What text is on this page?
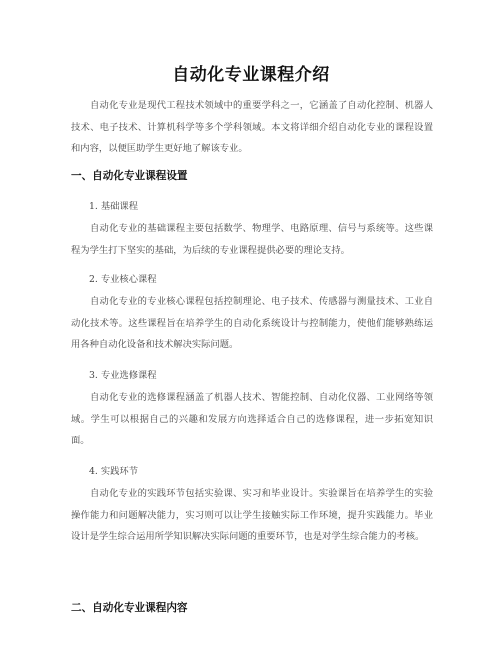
自动化专业课程介绍

自动化专业是现代工程技术领域中的重要学科之一，它涵盖了自动化控制、机器人技术、电子技术、计算机科学等多个学科领域。本文将详细介绍自动化专业的课程设置和内容，以便匡助学生更好地了解该专业。

一、自动化专业课程设置
1. 基础课程

自动化专业的基础课程主要包括数学、物理学、电路原理、信号与系统等。这些课程为学生打下坚实的基础，为后续的专业课程提供必要的理论支持。

2. 专业核心课程

自动化专业的专业核心课程包括控制理论、电子技术、传感器与测量技术、工业自动化技术等。这些课程旨在培养学生的自动化系统设计与控制能力，使他们能够熟练运用各种自动化设备和技术解决实际问题。

3. 专业选修课程

自动化专业的选修课程涵盖了机器人技术、智能控制、自动化仪器、工业网络等领域。学生可以根据自己的兴趣和发展方向选择适合自己的选修课程，进一步拓宽知识面。

4. 实践环节

自动化专业的实践环节包括实验课、实习和毕业设计。实验课旨在培养学生的实验操作能力和问题解决能力，实习则可以让学生接触实际工作环境，提升实践能力。毕业设计是学生综合运用所学知识解决实际问题的重要环节，也是对学生综合能力的考核。

二、自动化专业课程内容
